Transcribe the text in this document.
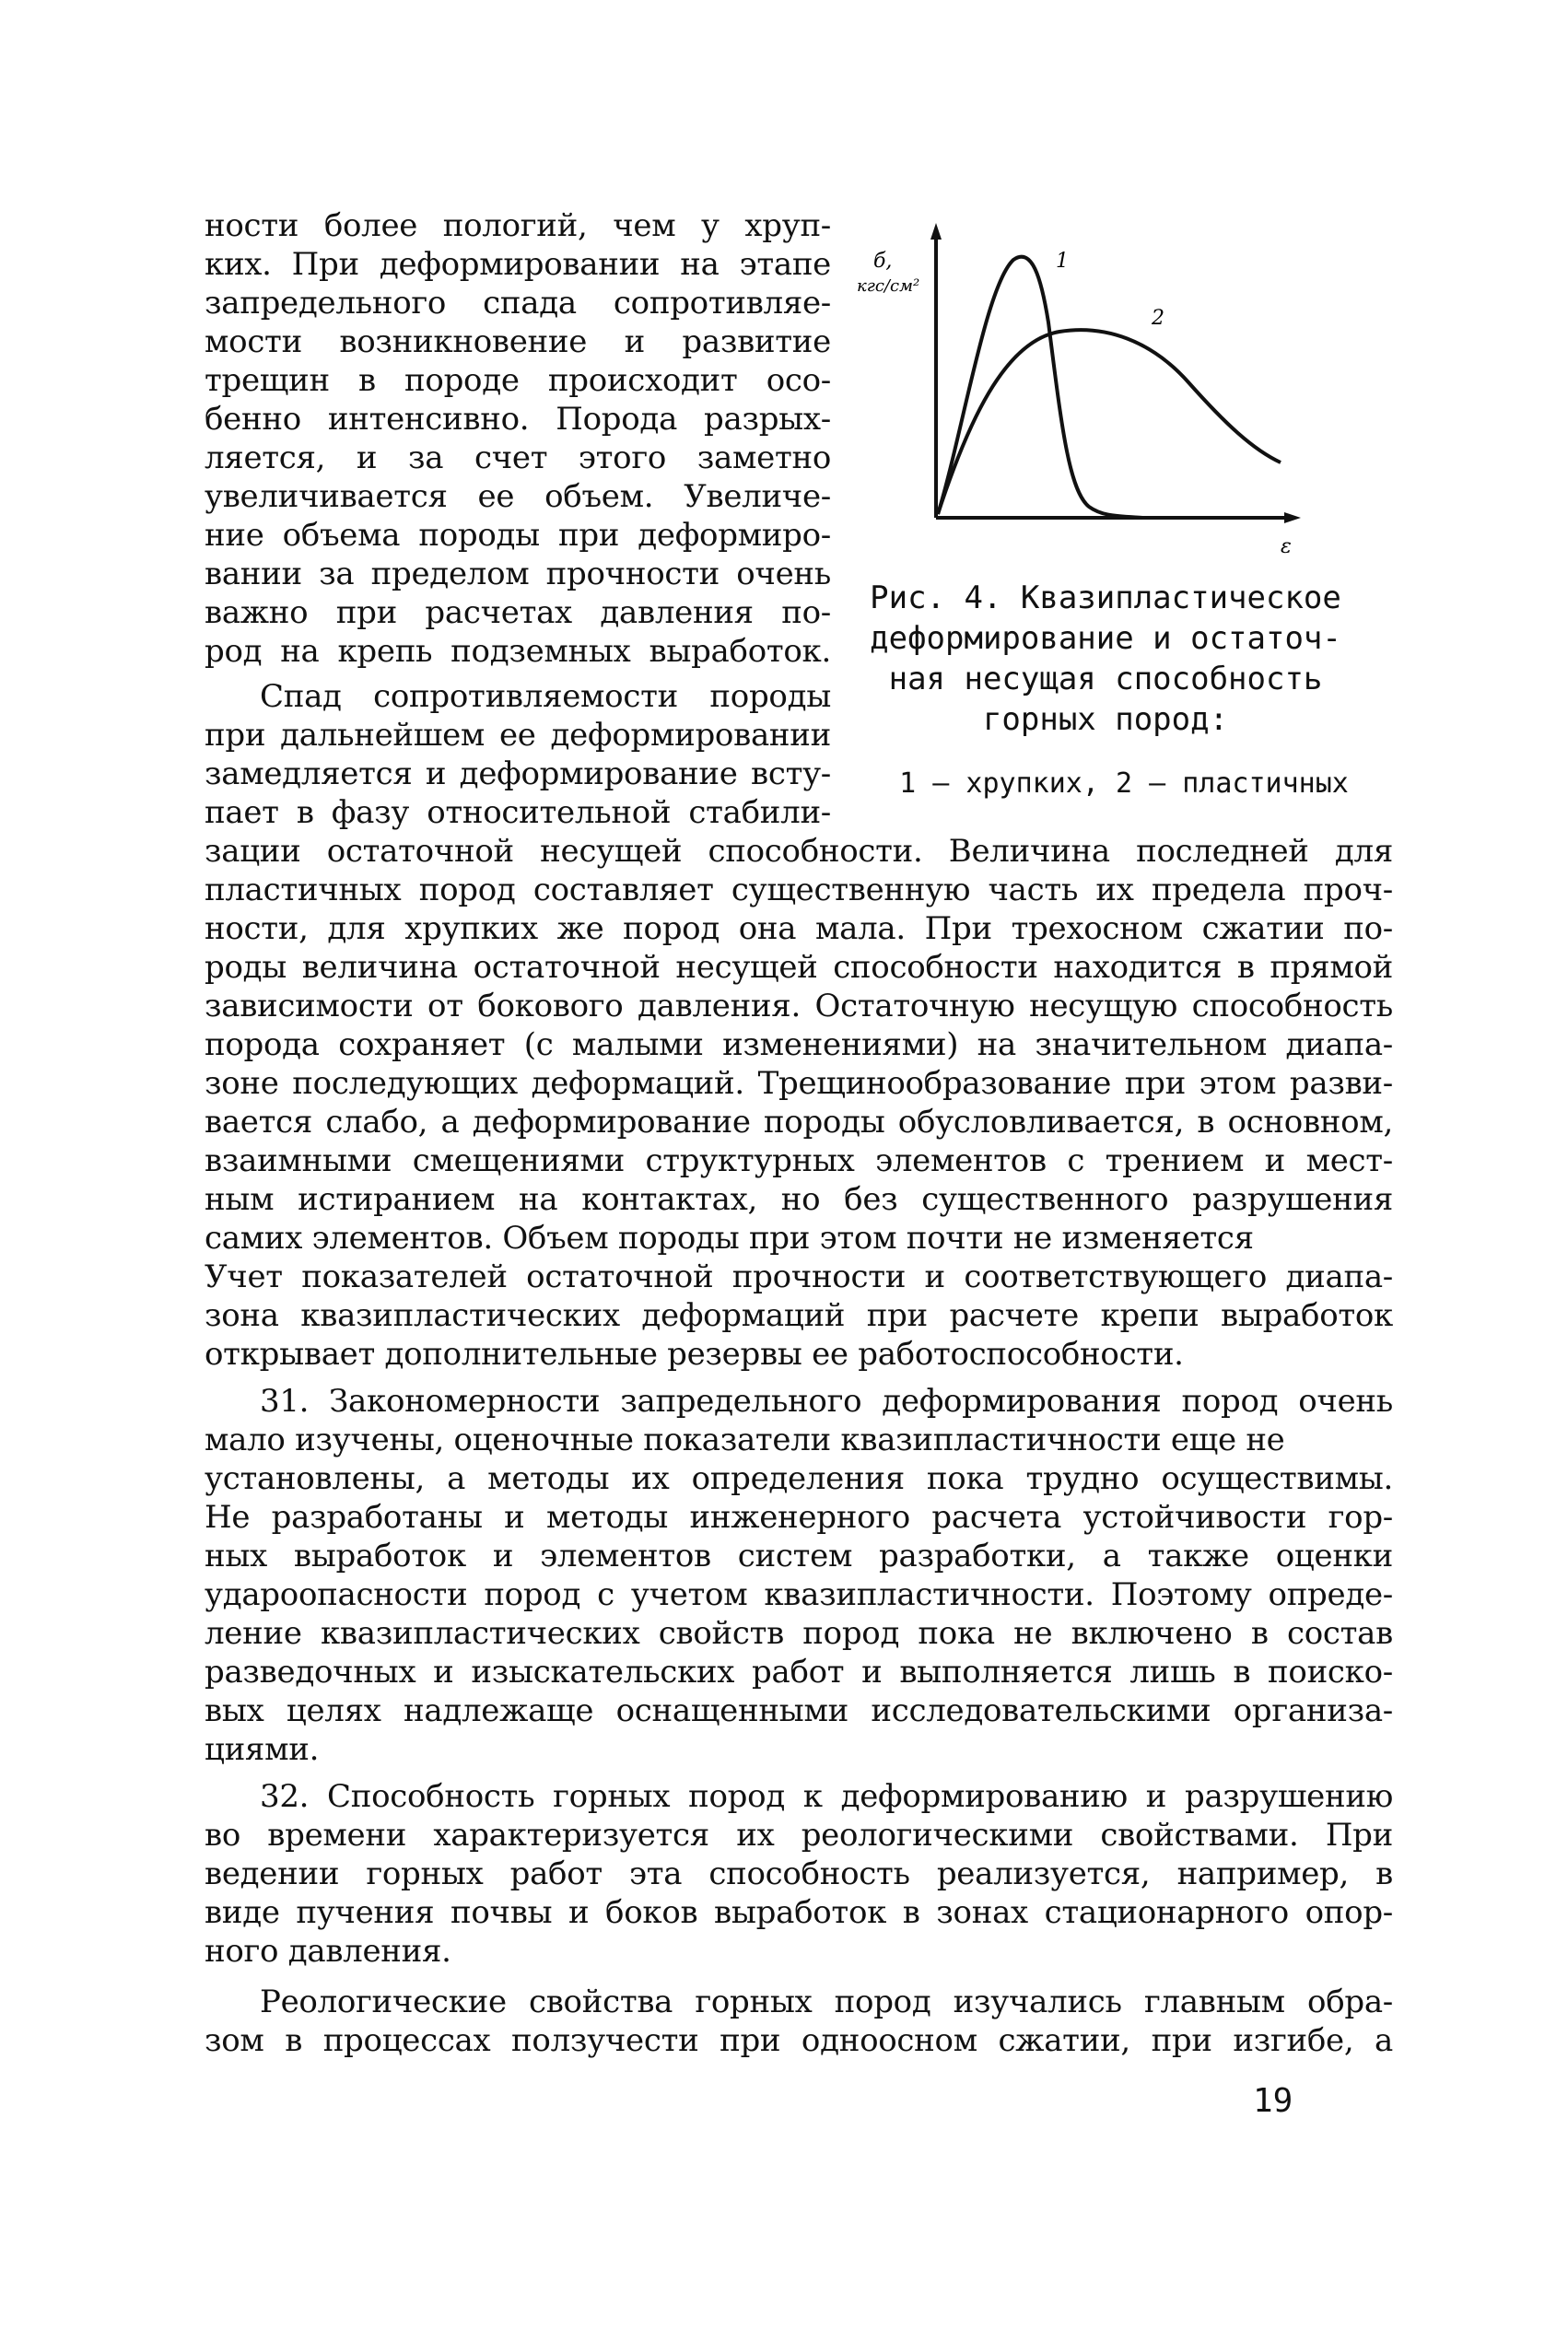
ности более пологий, чем у хруп-
ких. При деформировании на этапе
запредельного спада сопротивляе-
мости возникновение и развитие
трещин в породе происходит осо-
бенно интенсивно. Порода разрых-
ляется, и за счет этого заметно
увеличивается ее объем. Увеличе-
ние объема породы при деформиро-
вании за пределом прочности очень
важно при расчетах давления по-
род на крепь подземных выработок.
Спад сопротивляемости породы
при дальнейшем ее деформировании
замедляется и деформирование всту-
пает в фазу относительной стабили-
б,
кгс/см²
ε
1
2
Рис. 4. Квазипластическое
деформирование и остаточ-
ная несущая способность
горных пород:
1 – хрупких, 2 – пластичных
зации остаточной несущей способности. Величина последней для
пластичных пород составляет существенную часть их предела проч-
ности, для хрупких же пород она мала. При трехосном сжатии по-
роды величина остаточной несущей способности находится в прямой
зависимости от бокового давления. Остаточную несущую способность
порода сохраняет (с малыми изменениями) на значительном диапа-
зоне последующих деформаций. Трещинообразование при этом разви-
вается слабо, а деформирование породы обусловливается, в основном,
взаимными смещениями структурных элементов с трением и мест-
ным истиранием на контактах, но без существенного разрушения
самих элементов. Объем породы при этом почти не изменяется
Учет показателей остаточной прочности и соответствующего диапа-
зона квазипластических деформаций при расчете крепи выработок
открывает дополнительные резервы ее работоспособности.
31. Закономерности запредельного деформирования пород очень
мало изучены, оценочные показатели квазипластичности еще не
установлены, а методы их определения пока трудно осуществимы.
Не разработаны и методы инженерного расчета устойчивости гор-
ных выработок и элементов систем разработки, а также оценки
удароопасности пород с учетом квазипластичности. Поэтому опреде-
ление квазипластических свойств пород пока не включено в состав
разведочных и изыскательских работ и выполняется лишь в поиско-
вых целях надлежаще оснащенными исследовательскими организа-
циями.
32. Способность горных пород к деформированию и разрушению
во времени характеризуется их реологическими свойствами. При
ведении горных работ эта способность реализуется, например, в
виде пучения почвы и боков выработок в зонах стационарного опор-
ного давления.
Реологические свойства горных пород изучались главным обра-
зом в процессах ползучести при одноосном сжатии, при изгибе, а
19
